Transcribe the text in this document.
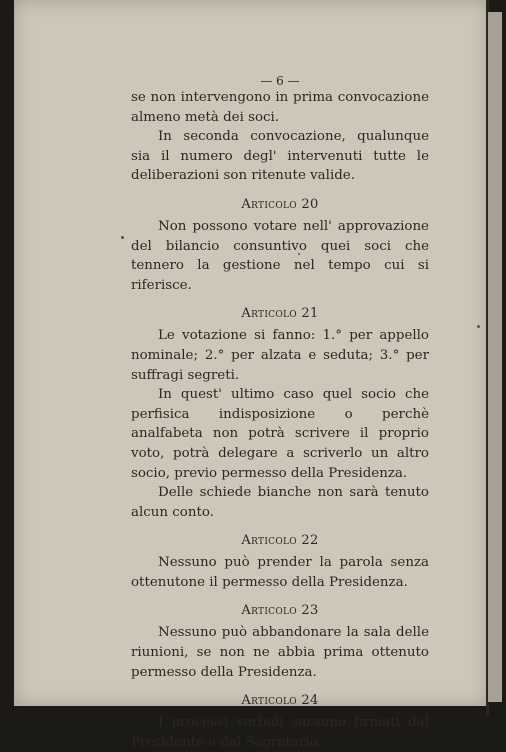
— 6 —

se non intervengono in prima convocazione almeno metà dei soci.

In seconda convocazione, qualunque sia il numero degl' intervenuti tutte le deliberazioni son ritenute valide.

Articolo 20

Non possono votare nell' approvazione del bilancio consuntivo quei soci che tennero la gestione nel tempo cui si riferisce.

Articolo 21

Le votazione si fanno: 1.° per appello nominale; 2.° per alzata e seduta; 3.° per suffragi segreti.

In quest' ultimo caso quel socio che perfisica indisposizione o perchè analfabeta non potrà scrivere il proprio voto, potrà delegare a scriverlo un altro socio, previo permesso della Presidenza.

Delle schiede bianche non sarà tenuto alcun conto.

Articolo 22

Nessuno può prender la parola senza ottenutone il permesso della Presidenza.

Articolo 23

Nessuno può abbandonare la sala delle riunioni, se non ne abbia prima ottenuto permesso della Presidenza.

Articolo 24

I processi verbali saranno firmati dal Presidente e dal Segretario.
